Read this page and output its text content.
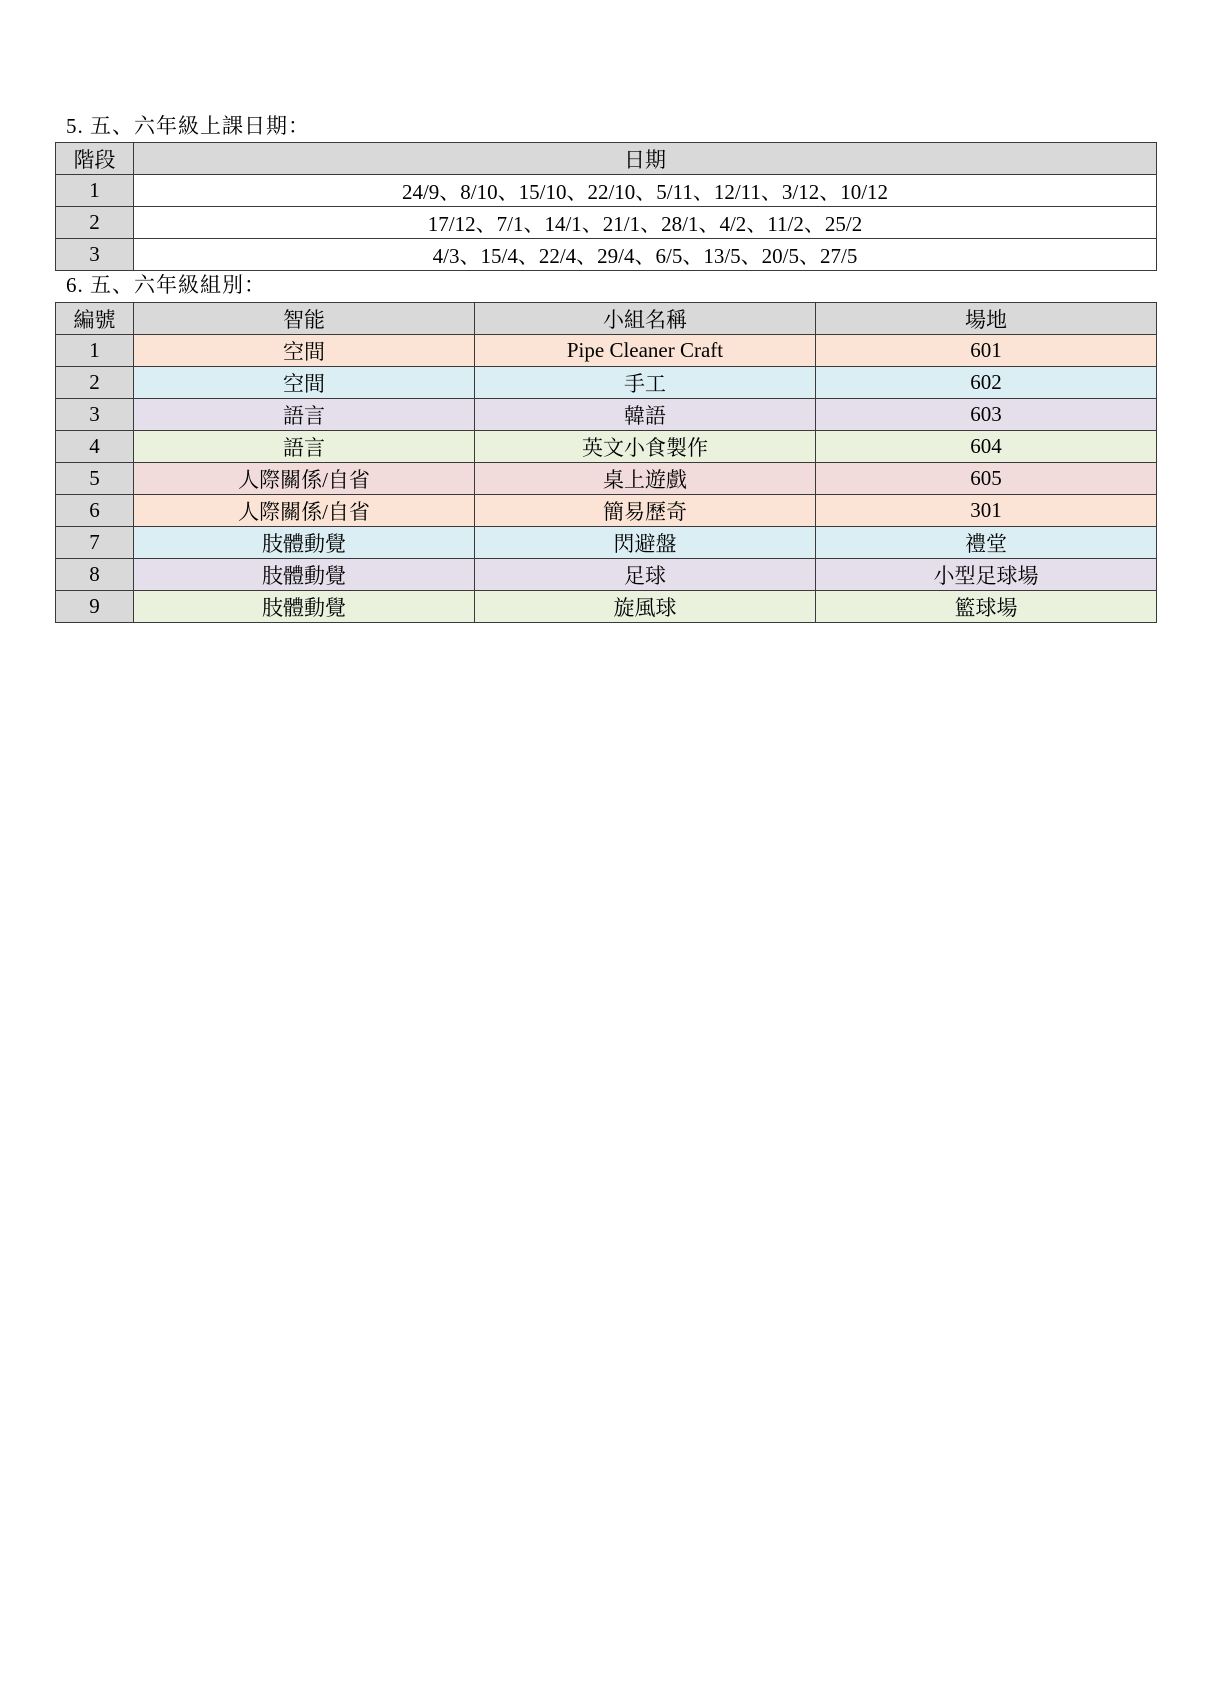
5. 五、六年級上課日期：
階段	日期
1	24/9、8/10、15/10、22/10、5/11、12/11、3/12、10/12
2	17/12、7/1、14/1、21/1、28/1、4/2、11/2、25/2
3	4/3、15/4、22/4、29/4、6/5、13/5、20/5、27/5
6. 五、六年級組別：
編號	智能	小組名稱	場地
1	空間	Pipe Cleaner Craft	601
2	空間	手工	602
3	語言	韓語	603
4	語言	英文小食製作	604
5	人際關係/自省	桌上遊戲	605
6	人際關係/自省	簡易歷奇	301
7	肢體動覺	閃避盤	禮堂
8	肢體動覺	足球	小型足球場
9	肢體動覺	旋風球	籃球場
